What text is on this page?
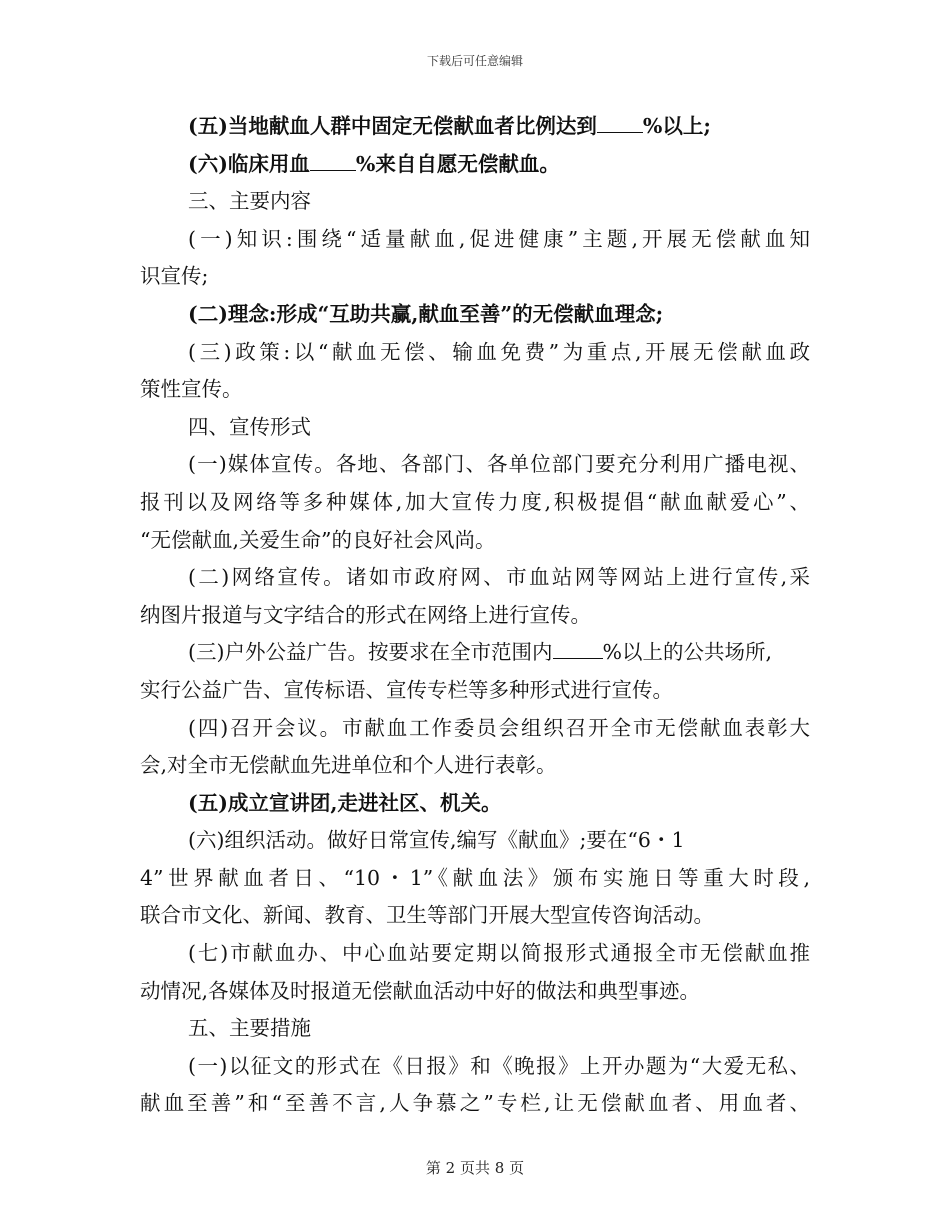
下载后可任意编辑
(五)当地献血人群中固定无偿献血者比例达到 %以上;
(六)临床用血 %来自自愿无偿献血。
三、主要内容
(一)知识:围绕“适量献血,促进健康”主题,开展无偿献血知
识宣传;
(二)理念:形成“互助共赢,献血至善”的无偿献血理念;
(三)政策:以“献血无偿、输血免费”为重点,开展无偿献血政
策性宣传。
四、宣传形式
(一)媒体宣传。各地、各部门、各单位部门要充分利用广播电视、
报刊以及网络等多种媒体,加大宣传力度,积极提倡“献血献爱心”、
“无偿献血,关爱生命”的良好社会风尚。
(二)网络宣传。诸如市政府网、市血站网等网站上进行宣传,采
纳图片报道与文字结合的形式在网络上进行宣传。
(三)户外公益广告。按要求在全市范围内 %以上的公共场所,
实行公益广告、宣传标语、宣传专栏等多种形式进行宣传。
(四)召开会议。市献血工作委员会组织召开全市无偿献血表彰大
会,对全市无偿献血先进单位和个人进行表彰。
(五)成立宣讲团,走进社区、机关。
(六)组织活动。做好日常宣传,编写《献血》;要在“6・1
4”世界献血者日、“10・1”《献血法》颁布实施日等重大时段,
联合市文化、新闻、教育、卫生等部门开展大型宣传咨询活动。
(七)市献血办、中心血站要定期以简报形式通报全市无偿献血推
动情况,各媒体及时报道无偿献血活动中好的做法和典型事迹。
五、主要措施
(一)以征文的形式在《日报》和《晚报》上开办题为“大爱无私、
献血至善”和“至善不言,人争慕之”专栏,让无偿献血者、用血者、
第 2 页共 8 页
